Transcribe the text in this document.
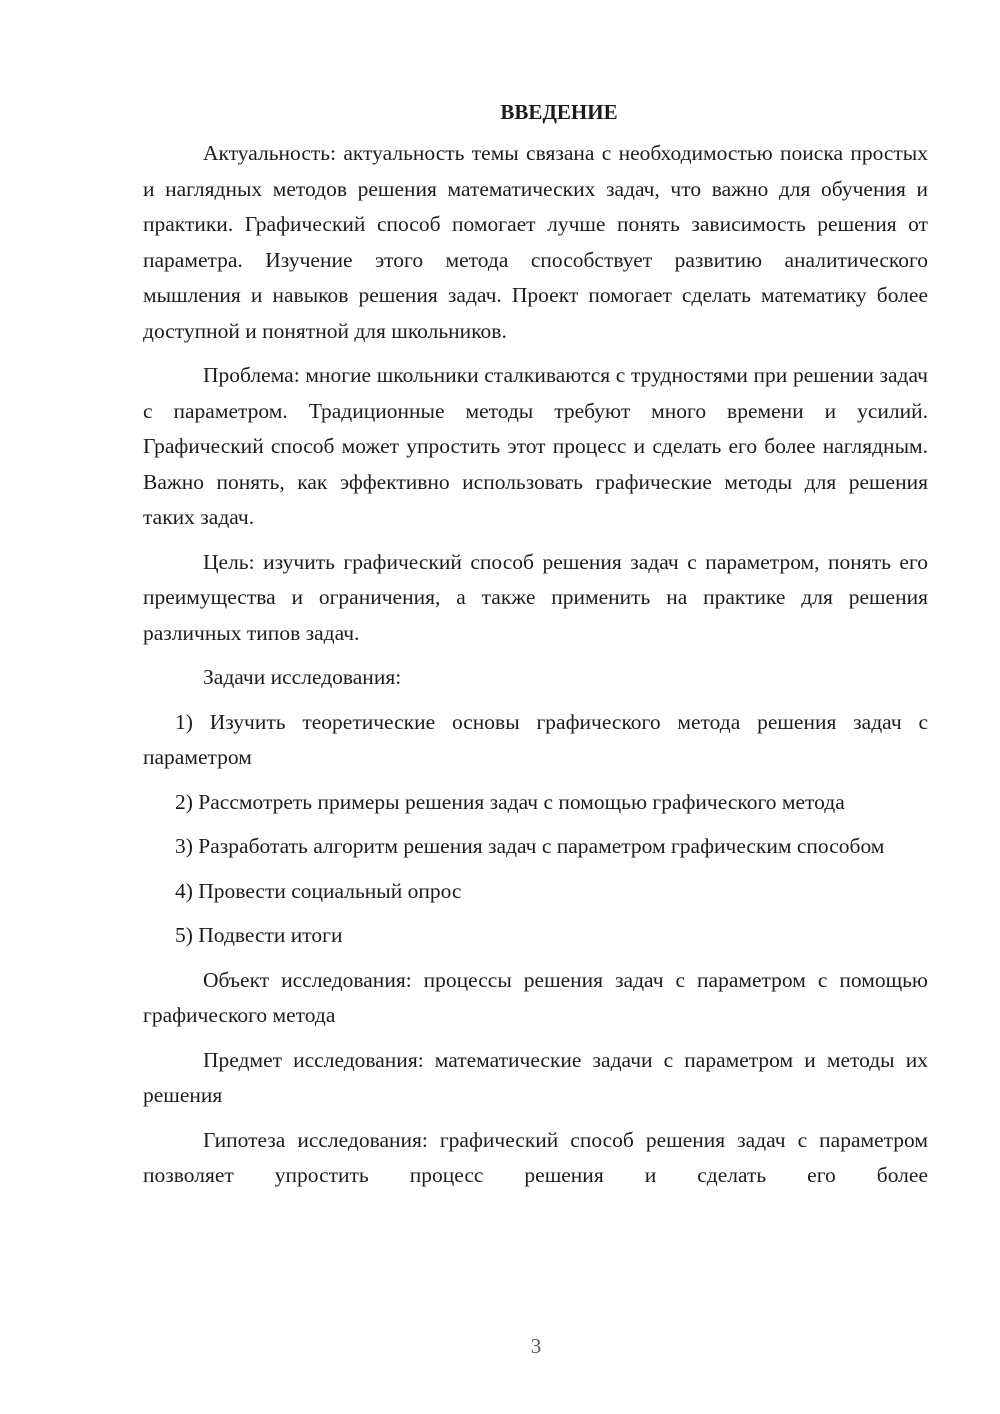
ВВЕДЕНИЕ

Актуальность: актуальность темы связана с необходимостью поиска простых и наглядных методов решения математических задач, что важно для обучения и практики. Графический способ помогает лучше понять зависимость решения от параметра. Изучение этого метода способствует развитию аналитического мышления и навыков решения задач. Проект помогает сделать математику более доступной и понятной для школьников.

Проблема: многие школьники сталкиваются с трудностями при решении задач с параметром. Традиционные методы требуют много времени и усилий. Графический способ может упростить этот процесс и сделать его более наглядным. Важно понять, как эффективно использовать графические методы для решения таких задач.

Цель: изучить графический способ решения задач с параметром, понять его преимущества и ограничения, а также применить на практике для решения различных типов задач.

Задачи исследования:

1) Изучить теоретические основы графического метода решения задач с параметром

2) Рассмотреть примеры решения задач с помощью графического метода

3) Разработать алгоритм решения задач с параметром графическим способом

4) Провести социальный опрос

5) Подвести итоги

Объект исследования: процессы решения задач с параметром с помощью графического метода

Предмет исследования: математические задачи с параметром и методы их решения

Гипотеза исследования: графический способ решения задач с параметром позволяет упростить процесс решения и сделать его более

3
